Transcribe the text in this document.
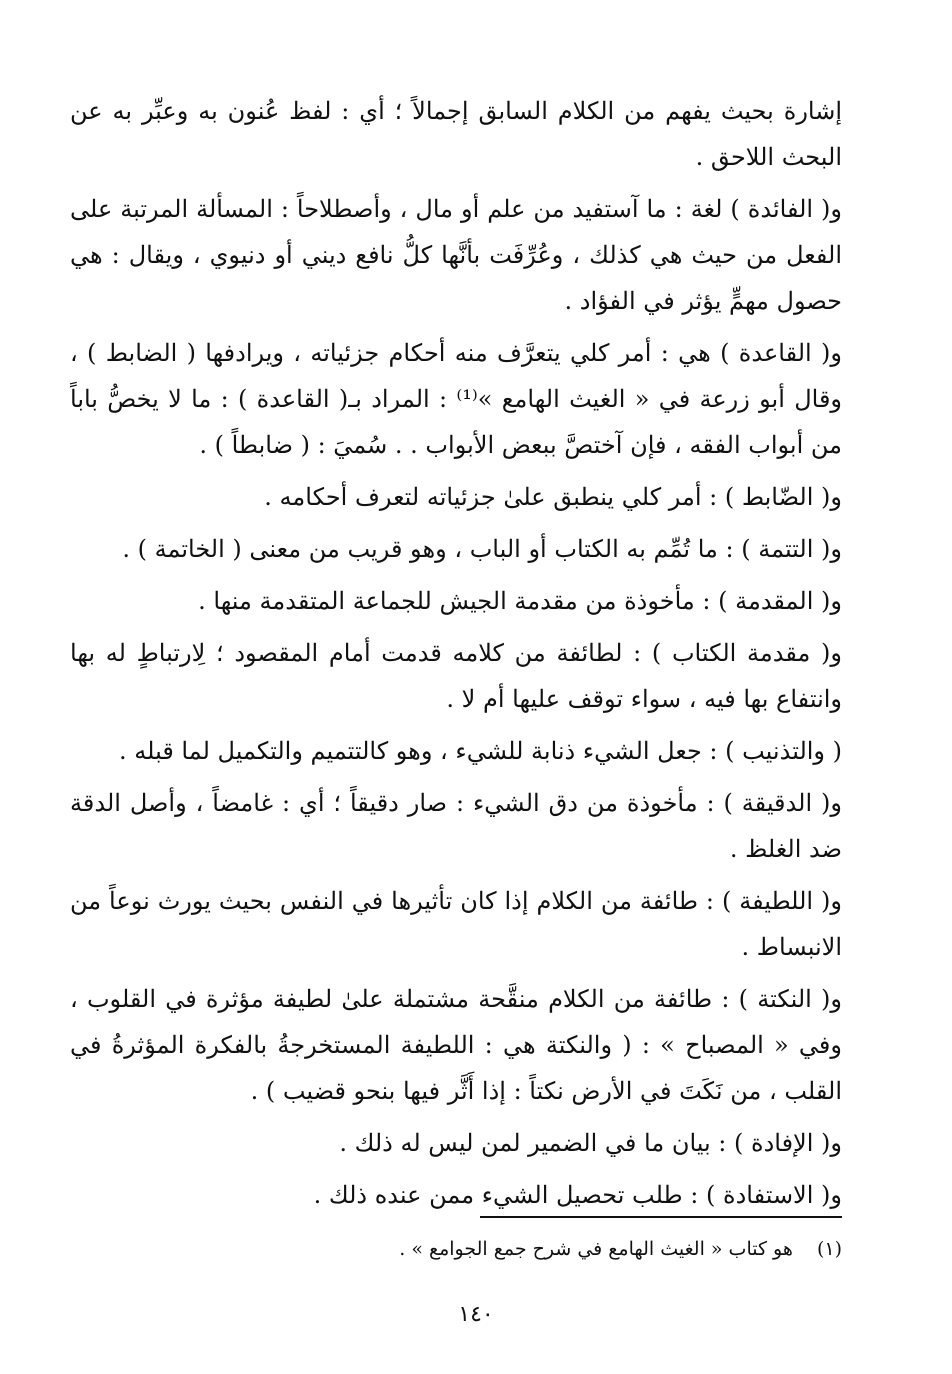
إشارة بحيث يفهم من الكلام السابق إجمالاً ؛ أي : لفظ عُنون به وعبِّر به عن البحث اللاحق .

و( الفائدة ) لغة : ما آستفيد من علم أو مال ، وأصطلاحاً : المسألة المرتبة على الفعل من حيث هي كذلك ، وعُرِّفَت بأنَّها كلُّ نافع ديني أو دنيوي ، ويقال : هي حصول مهمٍّ يؤثر في الفؤاد .

و( القاعدة ) هي : أمر كلي يتعرَّف منه أحكام جزئياته ، ويرادفها ( الضابط ) ، وقال أبو زرعة في « الغيث الهامع »⁽¹⁾ : المراد بـ( القاعدة ) : ما لا يخصُّ باباً من أبواب الفقه ، فإن آختصَّ ببعض الأبواب . . سُميَ : ( ضابطاً ) .

و( الضّابط ) : أمر كلي ينطبق علىٰ جزئياته لتعرف أحكامه .

و( التتمة ) : ما تُمِّم به الكتاب أو الباب ، وهو قريب من معنى ( الخاتمة ) .

و( المقدمة ) : مأخوذة من مقدمة الجيش للجماعة المتقدمة منها .

و( مقدمة الكتاب ) : لطائفة من كلامه قدمت أمام المقصود ؛ لِارتباطٍ له بها وانتفاع بها فيه ، سواء توقف عليها أم لا .

( والتذنيب ) : جعل الشيء ذنابة للشيء ، وهو كالتتميم والتكميل لما قبله .

و( الدقيقة ) : مأخوذة من دق الشيء : صار دقيقاً ؛ أي : غامضاً ، وأصل الدقة ضد الغلظ .

و( اللطيفة ) : طائفة من الكلام إذا كان تأثيرها في النفس بحيث يورث نوعاً من الانبساط .

و( النكتة ) : طائفة من الكلام منقَّحة مشتملة علىٰ لطيفة مؤثرة في القلوب ، وفي « المصباح » : ( والنكتة هي : اللطيفة المستخرجةُ بالفكرة المؤثرةُ في القلب ، من نَكَتَ في الأرض نكتاً : إذا أَثَّر فيها بنحو قضيب ) .

و( الإفادة ) : بيان ما في الضمير لمن ليس له ذلك .

و( الاستفادة ) : طلب تحصيل الشيء ممن عنده ذلك .

(١) هو كتاب « الغيث الهامع في شرح جمع الجوامع » .
١٤٠
